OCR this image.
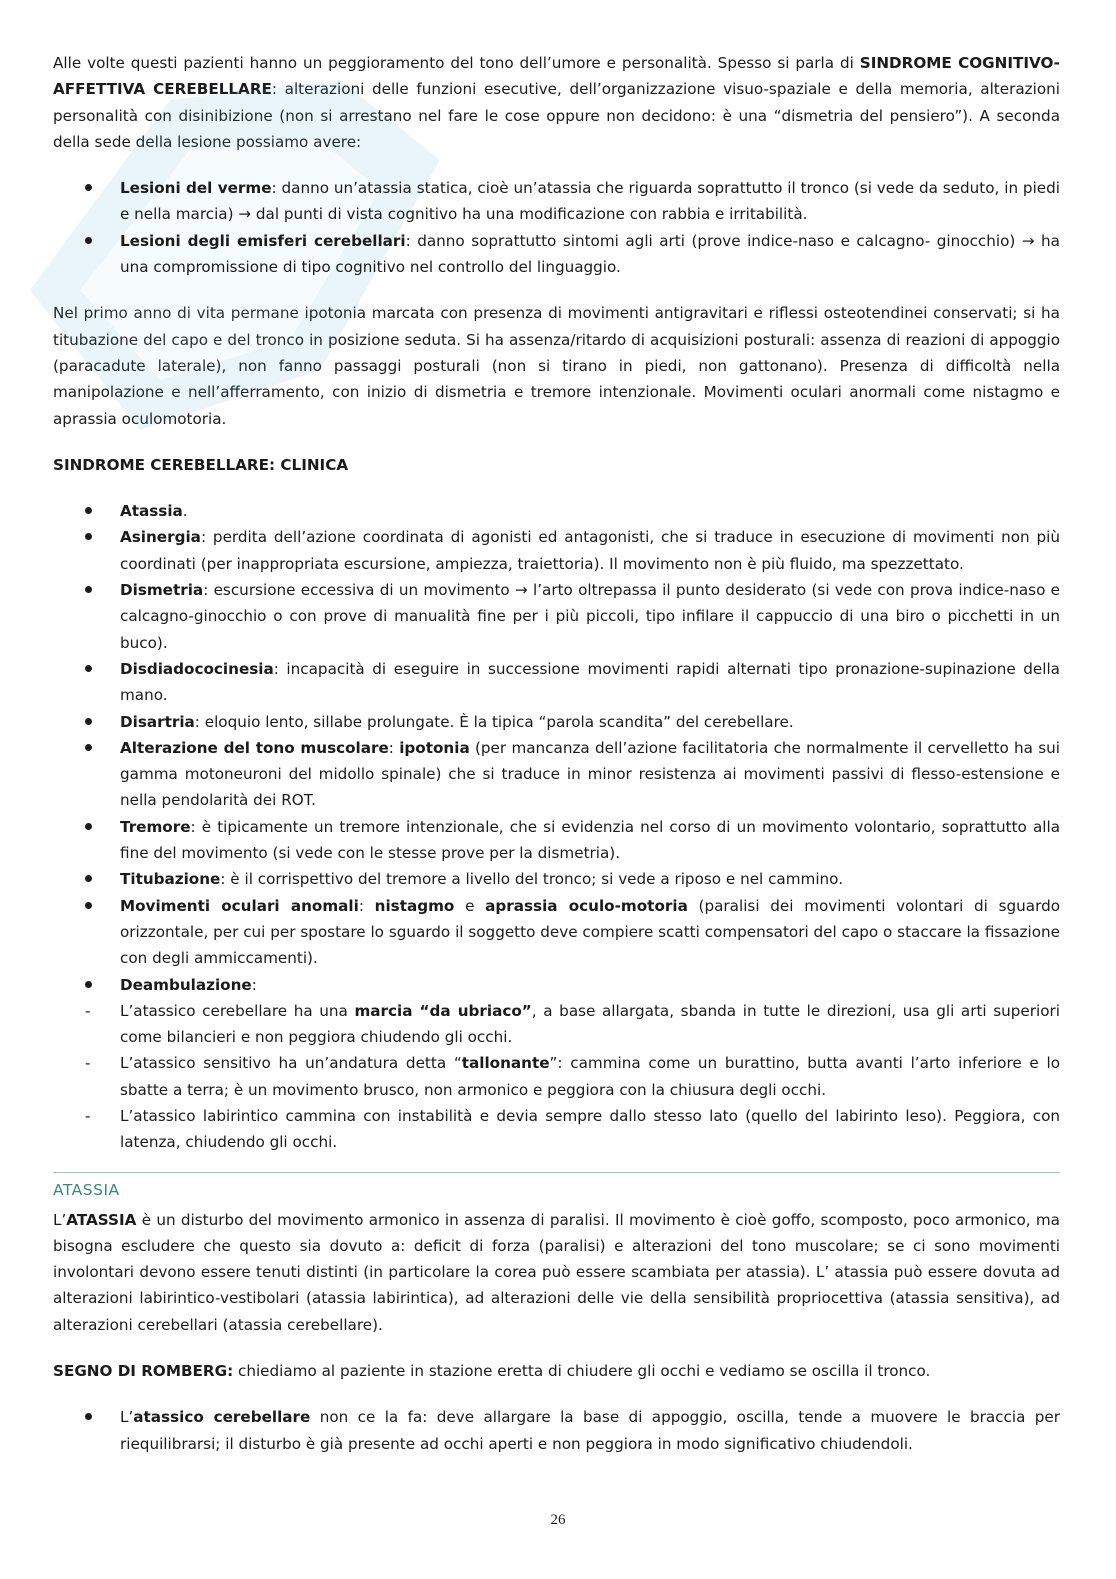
Alle volte questi pazienti hanno un peggioramento del tono dell’umore e personalità. Spesso si parla di SINDROME COGNITIVO-AFFETTIVA CEREBELLARE: alterazioni delle funzioni esecutive, dell’organizzazione visuo-spaziale e della memoria, alterazioni personalità con disinibizione (non si arrestano nel fare le cose oppure non decidono: è una “dismetria del pensiero”). A seconda della sede della lesione possiamo avere:

Lesioni del verme: danno un’atassia statica, cioè un’atassia che riguarda soprattutto il tronco (si vede da seduto, in piedi e nella marcia) → dal punti di vista cognitivo ha una modificazione con rabbia e irritabilità.
Lesioni degli emisferi cerebellari: danno soprattutto sintomi agli arti (prove indice-naso e calcagno- ginocchio) → ha una compromissione di tipo cognitivo nel controllo del linguaggio.

Nel primo anno di vita permane ipotonia marcata con presenza di movimenti antigravitari e riflessi osteotendinei conservati; si ha titubazione del capo e del tronco in posizione seduta. Si ha assenza/ritardo di acquisizioni posturali: assenza di reazioni di appoggio (paracadute laterale), non fanno passaggi posturali (non si tirano in piedi, non gattonano). Presenza di difficoltà nella manipolazione e nell’afferramento, con inizio di dismetria e tremore intenzionale. Movimenti oculari anormali come nistagmo e aprassia oculomotoria.

SINDROME CEREBELLARE: CLINICA

Atassia.
Asinergia: perdita dell’azione coordinata di agonisti ed antagonisti, che si traduce in esecuzione di movimenti non più coordinati (per inappropriata escursione, ampiezza, traiettoria). Il movimento non è più fluido, ma spezzettato.
Dismetria: escursione eccessiva di un movimento → l’arto oltrepassa il punto desiderato (si vede con prova indice-naso e calcagno-ginocchio o con prove di manualità fine per i più piccoli, tipo infilare il cappuccio di una biro o picchetti in un buco).
Disdiadococinesia: incapacità di eseguire in successione movimenti rapidi alternati tipo pronazione-supinazione della mano.
Disartria: eloquio lento, sillabe prolungate. È la tipica “parola scandita” del cerebellare.
Alterazione del tono muscolare: ipotonia (per mancanza dell’azione facilitatoria che normalmente il cervelletto ha sui gamma motoneuroni del midollo spinale) che si traduce in minor resistenza ai movimenti passivi di flesso-estensione e nella pendolarità dei ROT.
Tremore: è tipicamente un tremore intenzionale, che si evidenzia nel corso di un movimento volontario, soprattutto alla fine del movimento (si vede con le stesse prove per la dismetria).
Titubazione: è il corrispettivo del tremore a livello del tronco; si vede a riposo e nel cammino.
Movimenti oculari anomali: nistagmo e aprassia oculo-motoria (paralisi dei movimenti volontari di sguardo orizzontale, per cui per spostare lo sguardo il soggetto deve compiere scatti compensatori del capo o staccare la fissazione con degli ammiccamenti).
Deambulazione:
- L’atassico cerebellare ha una marcia “da ubriaco”, a base allargata, sbanda in tutte le direzioni, usa gli arti superiori come bilancieri e non peggiora chiudendo gli occhi.
- L’atassico sensitivo ha un’andatura detta “tallonante”: cammina come un burattino, butta avanti l’arto inferiore e lo sbatte a terra; è un movimento brusco, non armonico e peggiora con la chiusura degli occhi.
- L’atassico labirintico cammina con instabilità e devia sempre dallo stesso lato (quello del labirinto leso). Peggiora, con latenza, chiudendo gli occhi.
ATASSIA

L’ATASSIA è un disturbo del movimento armonico in assenza di paralisi. Il movimento è cioè goffo, scomposto, poco armonico, ma bisogna escludere che questo sia dovuto a: deficit di forza (paralisi) e alterazioni del tono muscolare; se ci sono movimenti involontari devono essere tenuti distinti (in particolare la corea può essere scambiata per atassia). L’ atassia può essere dovuta ad alterazioni labirintico-vestibolari (atassia labirintica), ad alterazioni delle vie della sensibilità propriocettiva (atassia sensitiva), ad alterazioni cerebellari (atassia cerebellare).

SEGNO DI ROMBERG: chiediamo al paziente in stazione eretta di chiudere gli occhi e vediamo se oscilla il tronco.

L’atassico cerebellare non ce la fa: deve allargare la base di appoggio, oscilla, tende a muovere le braccia per riequilibrarsi; il disturbo è già presente ad occhi aperti e non peggiora in modo significativo chiudendoli.
26
